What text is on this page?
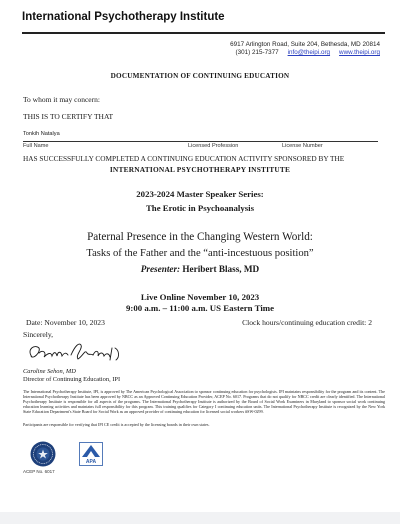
International Psychotherapy Institute
6917 Arlington Road, Suite 204, Bethesda, MD 20814
(301) 215-7377 info@theipi.org www.theipi.org
DOCUMENTATION OF CONTINUING EDUCATION
To whom it may concern:
THIS IS TO CERTIFY THAT
Tonkih Natalya
Full Name	Licensed Profession	License Number
HAS SUCCESSFULLY COMPLETED A CONTINUING EDUCATION ACTIVITY SPONSORED BY THE
INTERNATIONAL PSYCHOTHERAPY INSTITUTE
2023-2024 Master Speaker Series:
The Erotic in Psychoanalysis
Paternal Presence in the Changing Western World:
Tasks of the Father and the “anti-incestuous position”
Presenter: Heribert Blass, MD
Live Online November 10, 2023
9:00 a.m. – 11:00 a.m. US Eastern Time
Date: November 10, 2023	Clock hours/continuing education credit: 2
Sincerely,
Caroline Sehon, MD
Director of Continuing Education, IPI
The International Psychotherapy Institute, IPI, is approved by The American Psychological Association to sponsor continuing education for psychologists. IPI maintains responsibility for the program and its content. The International Psychotherapy Institute has been approved by NBCC as an Approved Continuing Education Provider, ACEP No. 6017. Programs that do not qualify for NBCC credit are clearly identified. The International Psychotherapy Institute is responsible for all aspects of the programs. The International Psychotherapy Institute is authorized by the Board of Social Work Examiners in Maryland to sponsor social work continuing education learning activities and maintains full responsibility for this program. This training qualifies for Category I continuing education units. The International Psychotherapy Institute is recognized by the New York State Education Department's State Board for Social Work as an approved provider of continuing education for licensed social workers #SW-0299.
Participants are responsible for verifying that IPI CE credit is accepted by the licensing boards in their own states.
APA
ACEP No. 6017
